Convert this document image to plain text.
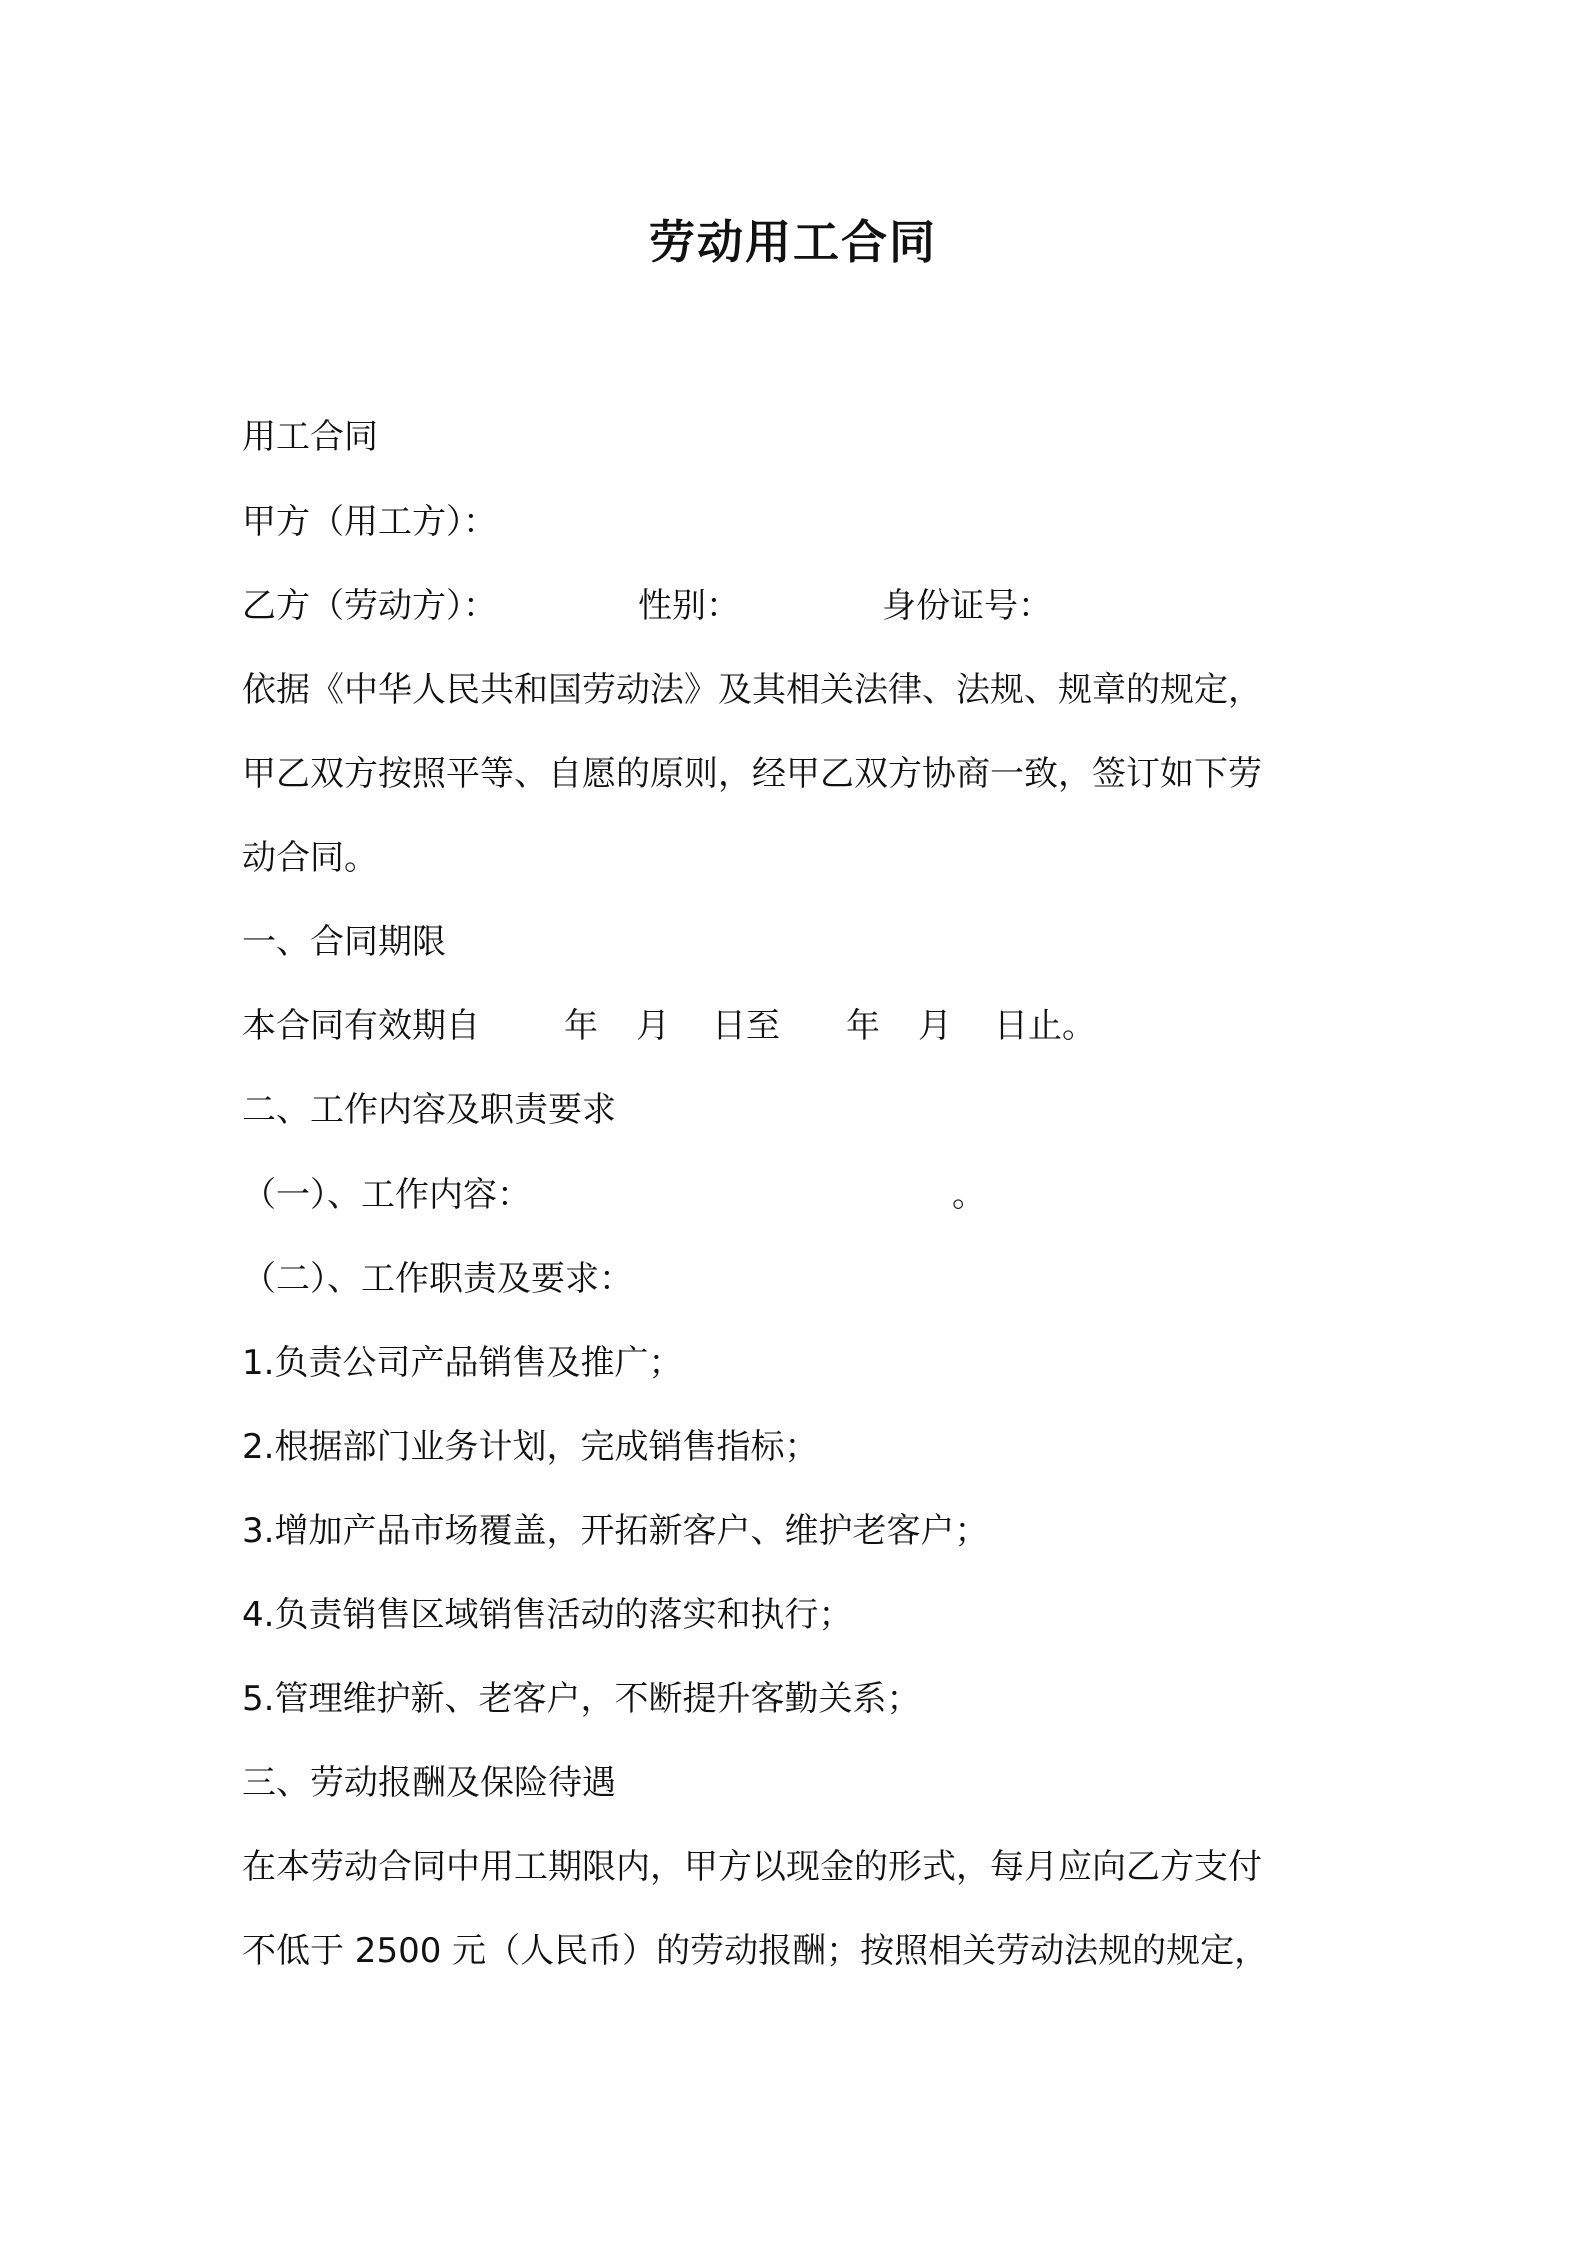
劳动用工合同
用工合同
甲方（用工方）：
乙方（劳动方）：	性别：	身份证号：
依据《中华人民共和国劳动法》及其相关法律、法规、规章的规定，
甲乙双方按照平等、自愿的原则，经甲乙双方协商一致，签订如下劳
动合同。
一、合同期限
本合同有效期自 年 月 日至 年 月 日止。
二、工作内容及职责要求
（一）、工作内容：	。
（二）、工作职责及要求：
1.负责公司产品销售及推广；
2.根据部门业务计划，完成销售指标；
3.增加产品市场覆盖，开拓新客户、维护老客户；
4.负责销售区域销售活动的落实和执行；
5.管理维护新、老客户，不断提升客勤关系；
三、劳动报酬及保险待遇
在本劳动合同中用工期限内，甲方以现金的形式，每月应向乙方支付
不低于 2500 元（人民币）的劳动报酬；按照相关劳动法规的规定，
